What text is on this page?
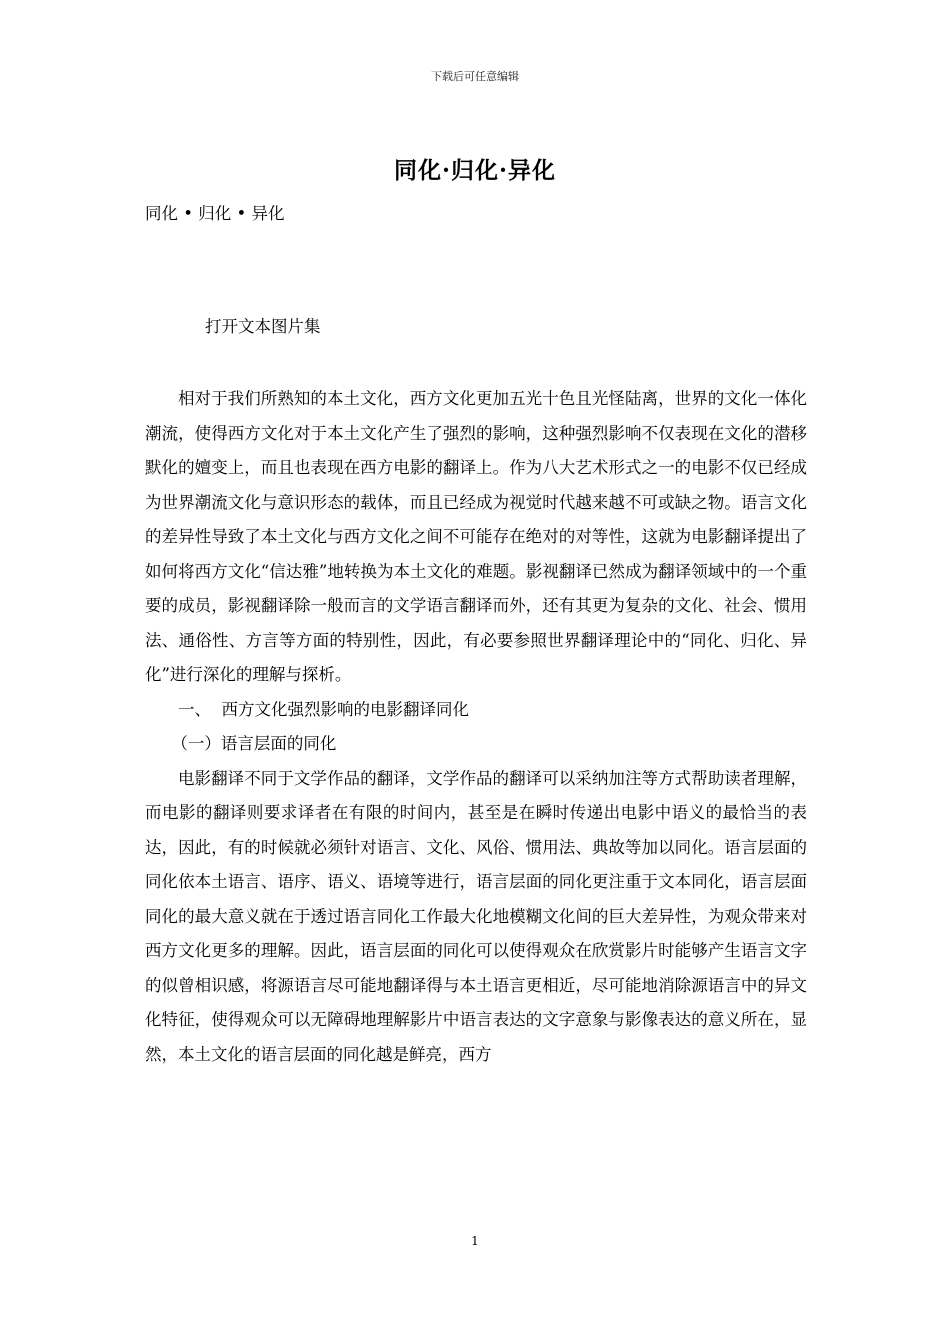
下载后可任意编辑
同化·归化·异化
同化 • 归化 • 异化
打开文本图片集

相对于我们所熟知的本土文化，西方文化更加五光十色且光怪陆离，世界的文化一体化潮流，使得西方文化对于本土文化产生了强烈的影响，这种强烈影响不仅表现在文化的潜移默化的嬗变上，而且也表现在西方电影的翻译上。作为八大艺术形式之一的电影不仅已经成为世界潮流文化与意识形态的载体，而且已经成为视觉时代越来越不可或缺之物。语言文化的差异性导致了本土文化与西方文化之间不可能存在绝对的对等性，这就为电影翻译提出了如何将西方文化“信达雅”地转换为本土文化的难题。影视翻译已然成为翻译领域中的一个重要的成员，影视翻译除一般而言的文学语言翻译而外，还有其更为复杂的文化、社会、惯用法、通俗性、方言等方面的特别性，因此，有必要参照世界翻译理论中的“同化、归化、异化”进行深化的理解与探析。

一、  西方文化强烈影响的电影翻译同化
（一）语言层面的同化

电影翻译不同于文学作品的翻译，文学作品的翻译可以采纳加注等方式帮助读者理解，而电影的翻译则要求译者在有限的时间内，甚至是在瞬时传递出电影中语义的最恰当的表达，因此，有的时候就必须针对语言、文化、风俗、惯用法、典故等加以同化。语言层面的同化依本土语言、语序、语义、语境等进行，语言层面的同化更注重于文本同化，语言层面同化的最大意义就在于透过语言同化工作最大化地模糊文化间的巨大差异性，为观众带来对西方文化更多的理解。因此，语言层面的同化可以使得观众在欣赏影片时能够产生语言文字的似曾相识感，将源语言尽可能地翻译得与本土语言更相近，尽可能地消除源语言中的异文化特征，使得观众可以无障碍地理解影片中语言表达的文字意象与影像表达的意义所在，显然，本土文化的语言层面的同化越是鲜亮，西方

1
